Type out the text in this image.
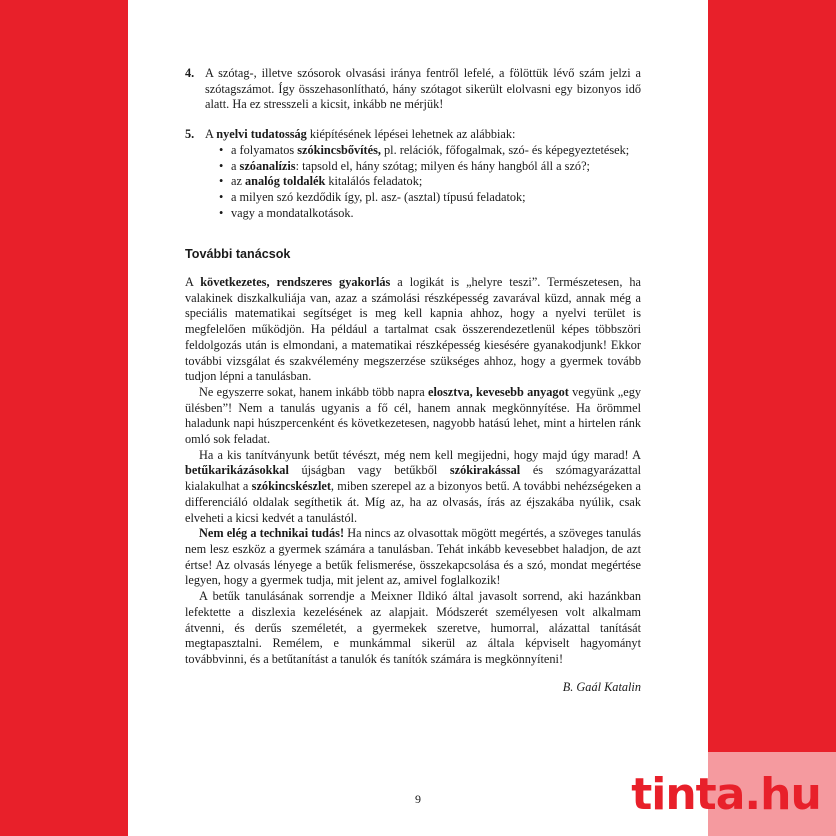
4. A szótag-, illetve szósorok olvasási iránya fentről lefelé, a fölöttük lévő szám jelzi a szótagszámot. Így összehasonlítható, hány szótagot sikerült elolvasni egy bizonyos idő alatt. Ha ez stresszeli a kicsit, inkább ne mérjük!
5. A nyelvi tudatosság kiépítésének lépései lehetnek az alábbiak:
• a folyamatos szókincsbővítés, pl. relációk, főfogalmak, szó- és képegyeztetések;
• a szóanalízis: tapsold el, hány szótag; milyen és hány hangból áll a szó?;
• az analóg toldalék kitalálós feladatok;
• a milyen szó kezdődik így, pl. asz- (asztal) típusú feladatok;
• vagy a mondatalkotások.
További tanácsok

A következetes, rendszeres gyakorlás a logikát is „helyre teszi”. Természetesen, ha valakinek diszkalkuliája van, azaz a számolási részképesség zavarával küzd, annak még a speciális matematikai segítséget is meg kell kapnia ahhoz, hogy a nyelvi terület is megfelelően működjön. Ha például a tartalmat csak összerendezetlenül képes többszöri feldolgozás után is elmondani, a matematikai részképesség kiesésére gyanakodjunk! Ekkor további vizsgálat és szakvélemény megszerzése szükséges ahhoz, hogy a gyermek tovább tudjon lépni a tanulásban.

Ne egyszerre sokat, hanem inkább több napra elosztva, kevesebb anyagot vegyünk „egy ülésben”! Nem a tanulás ugyanis a fő cél, hanem annak megkönnyítése. Ha örömmel haladunk napi húszpercenként és következetesen, nagyobb hatású lehet, mint a hirtelen ránk omló sok feladat.

Ha a kis tanítványunk betűt tévészt, még nem kell megijedni, hogy majd úgy marad! A betűkarikázásokkal újságban vagy betűkből szókirakással és szómagyarázattal kialakulhat a szókincskészlet, miben szerepel az a bizonyos betű. A további nehézségeken a differenciáló oldalak segíthetik át. Míg az, ha az olvasás, írás az éjszakába nyúlik, csak elveheti a kicsi kedvét a tanulástól.

Nem elég a technikai tudás! Ha nincs az olvasottak mögött megértés, a szöveges tanulás nem lesz eszköz a gyermek számára a tanulásban. Tehát inkább kevesebbet haladjon, de azt értse! Az olvasás lényege a betűk felismerése, összekapcsolása és a szó, mondat megértése legyen, hogy a gyermek tudja, mit jelent az, amivel foglalkozik!

A betűk tanulásának sorrendje a Meixner Ildikó által javasolt sorrend, aki hazánkban lefektette a diszlexia kezelésének az alapjait. Módszerét személyesen volt alkalmam átvenni, és derűs személetét, a gyermekek szeretve, humorral, alázattal tanítását megtapasztalni. Remélem, e munkámmal sikerül az általa képviselt hagyományt továbbvinni, és a betűtanítást a tanulók és tanítók számára is megkönnyíteni!

B. Gaál Katalin
9	tinta.hu
